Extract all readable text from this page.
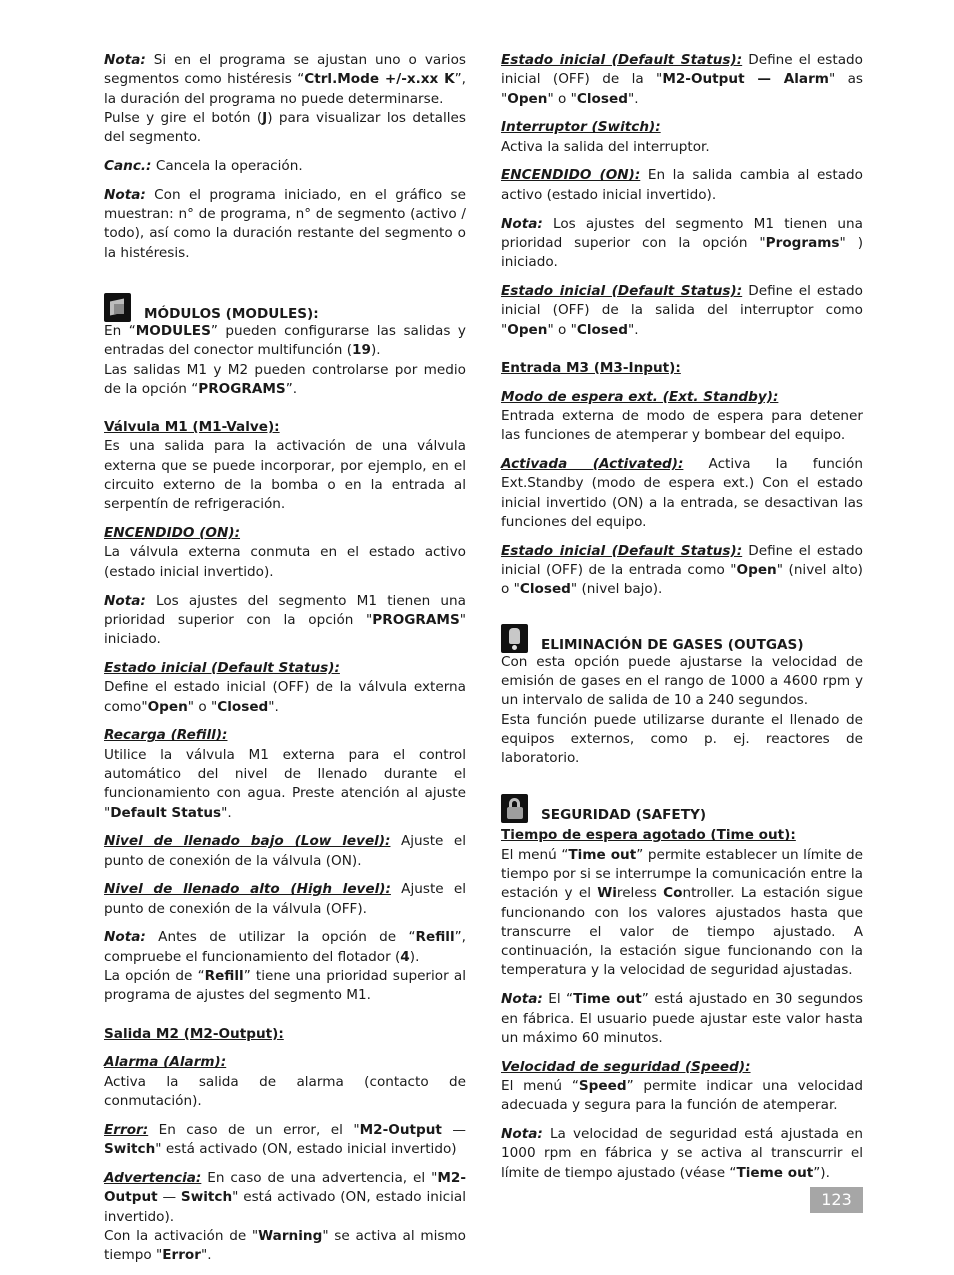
Nota: Si en el programa se ajustan uno o varios segmentos como histéresis “Ctrl.Mode +/-x.xx K”, la duración del programa no puede determinarse.

Pulse y gire el botón (J) para visualizar los detalles del segmento.

Canc.: Cancela la operación.

Nota: Con el programa iniciado, en el gráfico se muestran: n° de programa, n° de segmento (activo / todo), así como la duración restante del segmento o la histéresis.

MÓDULOS (MODULES):

En “MODULES” pueden configurarse las salidas y entradas del conector multifunción (19).

Las salidas M1 y M2 pueden controlarse por medio de la opción “PROGRAMS”.

Válvula M1 (M1-Valve):
Es una salida para la activación de una válvula externa que se puede incorporar, por ejemplo, en el circuito externo de la bomba o en la entrada al serpentín de refrigeración.

ENCENDIDO (ON):
La válvula externa conmuta en el estado activo (estado inicial invertido).

Nota: Los ajustes del segmento M1 tienen una prioridad superior con la opción "PROGRAMS" iniciado.

Estado inicial (Default Status):
Define el estado inicial (OFF) de la válvula externa como"Open" o "Closed".

Recarga (Refill):
Utilice la válvula M1 externa para el control automático del nivel de llenado durante el funcionamiento con agua. Preste atención al ajuste "Default Status".

Nivel de llenado bajo (Low level): Ajuste el punto de conexión de la válvula (ON).

Nivel de llenado alto (High level): Ajuste el punto de conexión de la válvula (OFF).

Nota: Antes de utilizar la opción de “Refill”, compruebe el funcionamiento del flotador (4).

La opción de “Refill” tiene una prioridad superior al programa de ajustes del segmento M1.

Salida M2 (M2-Output):

Alarma (Alarm):
Activa la salida de alarma (contacto de conmutación).

Error: En caso de un error, el "M2-Output — Switch" está activado (ON, estado inicial invertido)

Advertencia: En caso de una advertencia, el "M2-Output — Switch" está activado (ON, estado inicial invertido).

Con la activación de "Warning" se activa al mismo tiempo "Error".

Estado inicial (Default Status): Define el estado inicial (OFF) de la "M2-Output — Alarm" as "Open" o "Closed".

Interruptor (Switch):
Activa la salida del interruptor.

ENCENDIDO (ON): En la salida cambia al estado activo (estado inicial invertido).

Nota: Los ajustes del segmento M1 tienen una prioridad superior con la opción "Programs" ) iniciado.

Estado inicial (Default Status): Define el estado inicial (OFF) de la salida del interruptor como "Open" o "Closed".

Entrada M3 (M3-Input):

Modo de espera ext. (Ext. Standby):
Entrada externa de modo de espera para detener las funciones de atemperar y bombear del equipo.

Activada (Activated): Activa la función Ext.Standby (modo de espera ext.) Con el estado inicial invertido (ON) a la entrada, se desactivan las funciones del equipo.

Estado inicial (Default Status): Define el estado inicial (OFF) de la entrada como "Open" (nivel alto) o "Closed" (nivel bajo).

ELIMINACIÓN DE GASES (OUTGAS)

Con esta opción puede ajustarse la velocidad de emisión de gases en el rango de 1000 a 4600 rpm y un intervalo de salida de 10 a 240 segundos.

Esta función puede utilizarse durante el llenado de equipos externos, como p. ej. reactores de laboratorio.

SEGURIDAD (SAFETY)

Tiempo de espera agotado (Time out):
El menú “Time out” permite establecer un límite de tiempo por si se interrumpe la comunicación entre la estación y el Wireless Controller. La estación sigue funcionando con los valores ajustados hasta que transcurre el valor de tiempo ajustado. A continuación, la estación sigue funcionando con la temperatura y la velocidad de seguridad ajustadas.

Nota: El “Time out” está ajustado en 30 segundos en fábrica. El usuario puede ajustar este valor hasta un máximo 60 minutos.

Velocidad de seguridad (Speed):
El menú “Speed” permite indicar una velocidad adecuada y segura para la función de atemperar.

Nota: La velocidad de seguridad está ajustada en 1000 rpm en fábrica y se activa al transcurrir el límite de tiempo ajustado (véase “Tieme out”).

123
